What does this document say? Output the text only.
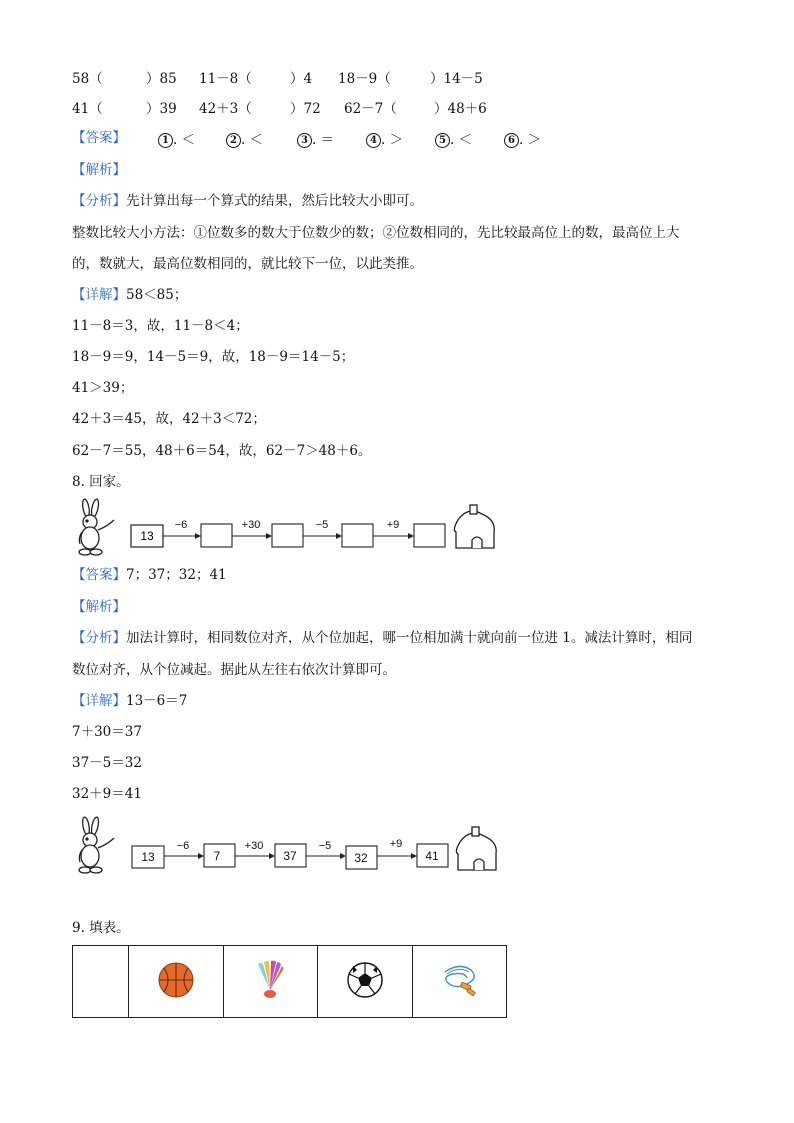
58（	）85 11－8（	）4 18－9（	）14－5
41（	）39 42＋3（	）72 62－7（	）48＋6
【答案】	1 . ＜	2 . ＜	3 . ＝	4 . ＞	5 . ＜	6 . ＞
【解析】
【分析】先计算出每一个算式的结果，然后比较大小即可。
整数比较大小方法：①位数多的数大于位数少的数；②位数相同的，先比较最高位上的数，最高位上大
的，数就大，最高位数相同的，就比较下一位，以此类推。
【详解】58＜85；
11－8＝3，故，11－8＜4；
18－9＝9，14－5＝9，故，18－9＝14－5；
41＞39；
42＋3＝45，故，42＋3＜72；
62－7＝55，48＋6＝54，故，62－7＞48＋6。
8. 回家。
13
−6	+30	−5	+9
【答案】7；37；32；41
【解析】
【分析】加法计算时，相同数位对齐，从个位加起，哪一位相加满十就向前一位进 1。减法计算时，相同
数位对齐，从个位减起。据此从左往右依次计算即可。
【详解】13－6＝7
7＋30＝37
37－5＝32
32＋9＝41
−6	+30	−5	+9
13	7	37	32	41
9. 填表。
